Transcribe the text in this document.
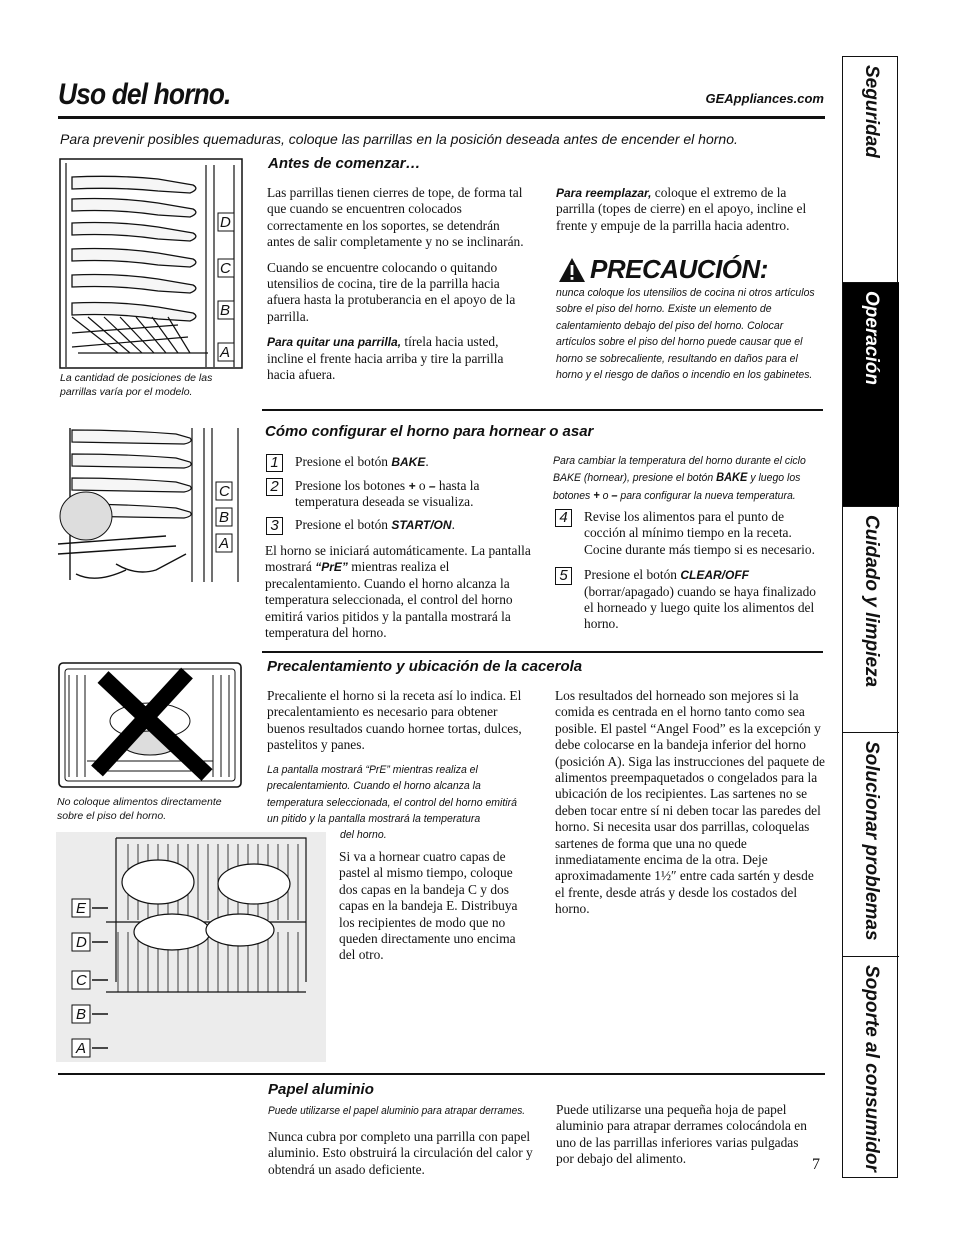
Uso del horno.	GEAppliances.com
Para prevenir posibles quemaduras, coloque las parrillas en la posición deseada antes de encender el horno.	Seguridad
Operación
Cuidado y limpieza
Solucionar problemas
Soporte al consumidor
D
C
B
A
La cantidad de posiciones de las parrillas varía por el modelo.
Antes de comenzar…

Las parrillas tienen cierres de tope, de forma tal que cuando se encuentren colocados correctamente en los soportes, se detendrán antes de salir completamente y no se inclinarán.

Cuando se encuentre colocando o quitando utensilios de cocina, tire de la parrilla hacia afuera hasta la protuberancia en el apoyo de la parrilla.

Para quitar una parrilla, tírela hacia usted, incline el frente hacia arriba y tire la parrilla hacia afuera.

Para reemplazar, coloque el extremo de la parrilla (topes de cierre) en el apoyo, incline el frente y empuje de la parrilla hacia adentro.

PRECAUCIÓN:
nunca coloque los utensilios de cocina ni otros artículos sobre el piso del horno. Existe un elemento de calentamiento debajo del piso del horno. Colocar artículos sobre el piso del horno puede causar que el horno se sobrecaliente, resultando en daños para el horno y el riesgo de daños o incendio en los gabinetes.
C
B
A
Cómo configurar el horno para hornear o asar
1	Presione el botón BAKE.
2	Presione los botones + o – hasta la temperatura deseada se visualiza.
3	Presione el botón START/ON.
El horno se iniciará automáticamente. La pantalla mostrará “PrE” mientras realiza el precalentamiento. Cuando el horno alcanza la temperatura seleccionada, el control del horno emitirá varios pitidos y la pantalla mostrará la temperatura del horno.
Para cambiar la temperatura del horno durante el ciclo BAKE (hornear), presione el botón BAKE y luego los botones + o – para configurar la nueva temperatura.
4	Revise los alimentos para el punto de cocción al mínimo tiempo en la receta. Cocine durante más tiempo si es necesario.
5	Presione el botón CLEAR/OFF (borrar/apagado) cuando se haya finalizado el horneado y luego quite los alimentos del horno.
No coloque alimentos directamente sobre el piso del horno.
E
D
C
B
A
Precalentamiento y ubicación de la cacerola
Precaliente el horno si la receta así lo indica. El precalentamiento es necesario para obtener buenos resultados cuando hornee tortas, dulces, pastelitos y panes.
La pantalla mostrará “PrE” mientras realiza el precalentamiento. Cuando el horno alcanza la temperatura seleccionada, el control del horno emitirá un pitido y la pantalla mostrará la temperatura
del horno.
Si va a hornear cuatro capas de pastel al mismo tiempo, coloque dos capas en la bandeja C y dos capas en la bandeja E. Distribuya los recipientes de modo que no queden directamente uno encima del otro.
Los resultados del horneado son mejores si la comida es centrada en el horno tanto como sea posible. El pastel “Angel Food” es la excepción y debe colocarse en la bandeja inferior del horno (posición A). Siga las instrucciones del paquete de alimentos preempaquetados o congelados para la ubicación de los recipientes. Las sartenes no se deben tocar entre sí ni deben tocar las paredes del horno. Si necesita usar dos parrillas, coloquelas sartenes de forma que una no quede inmediatamente encima de la otra. Deje aproximadamente 1½″ entre cada sartén y desde el frente, desde atrás y desde los costados del horno.
Papel aluminio
Puede utilizarse el papel aluminio para atrapar derrames.
Nunca cubra por completo una parrilla con papel aluminio. Esto obstruirá la circulación del calor y obtendrá un asado deficiente.
Puede utilizarse una pequeña hoja de papel aluminio para atrapar derrames colocándola en uno de las parrillas inferiores varias pulgadas por debajo del alimento.	7
